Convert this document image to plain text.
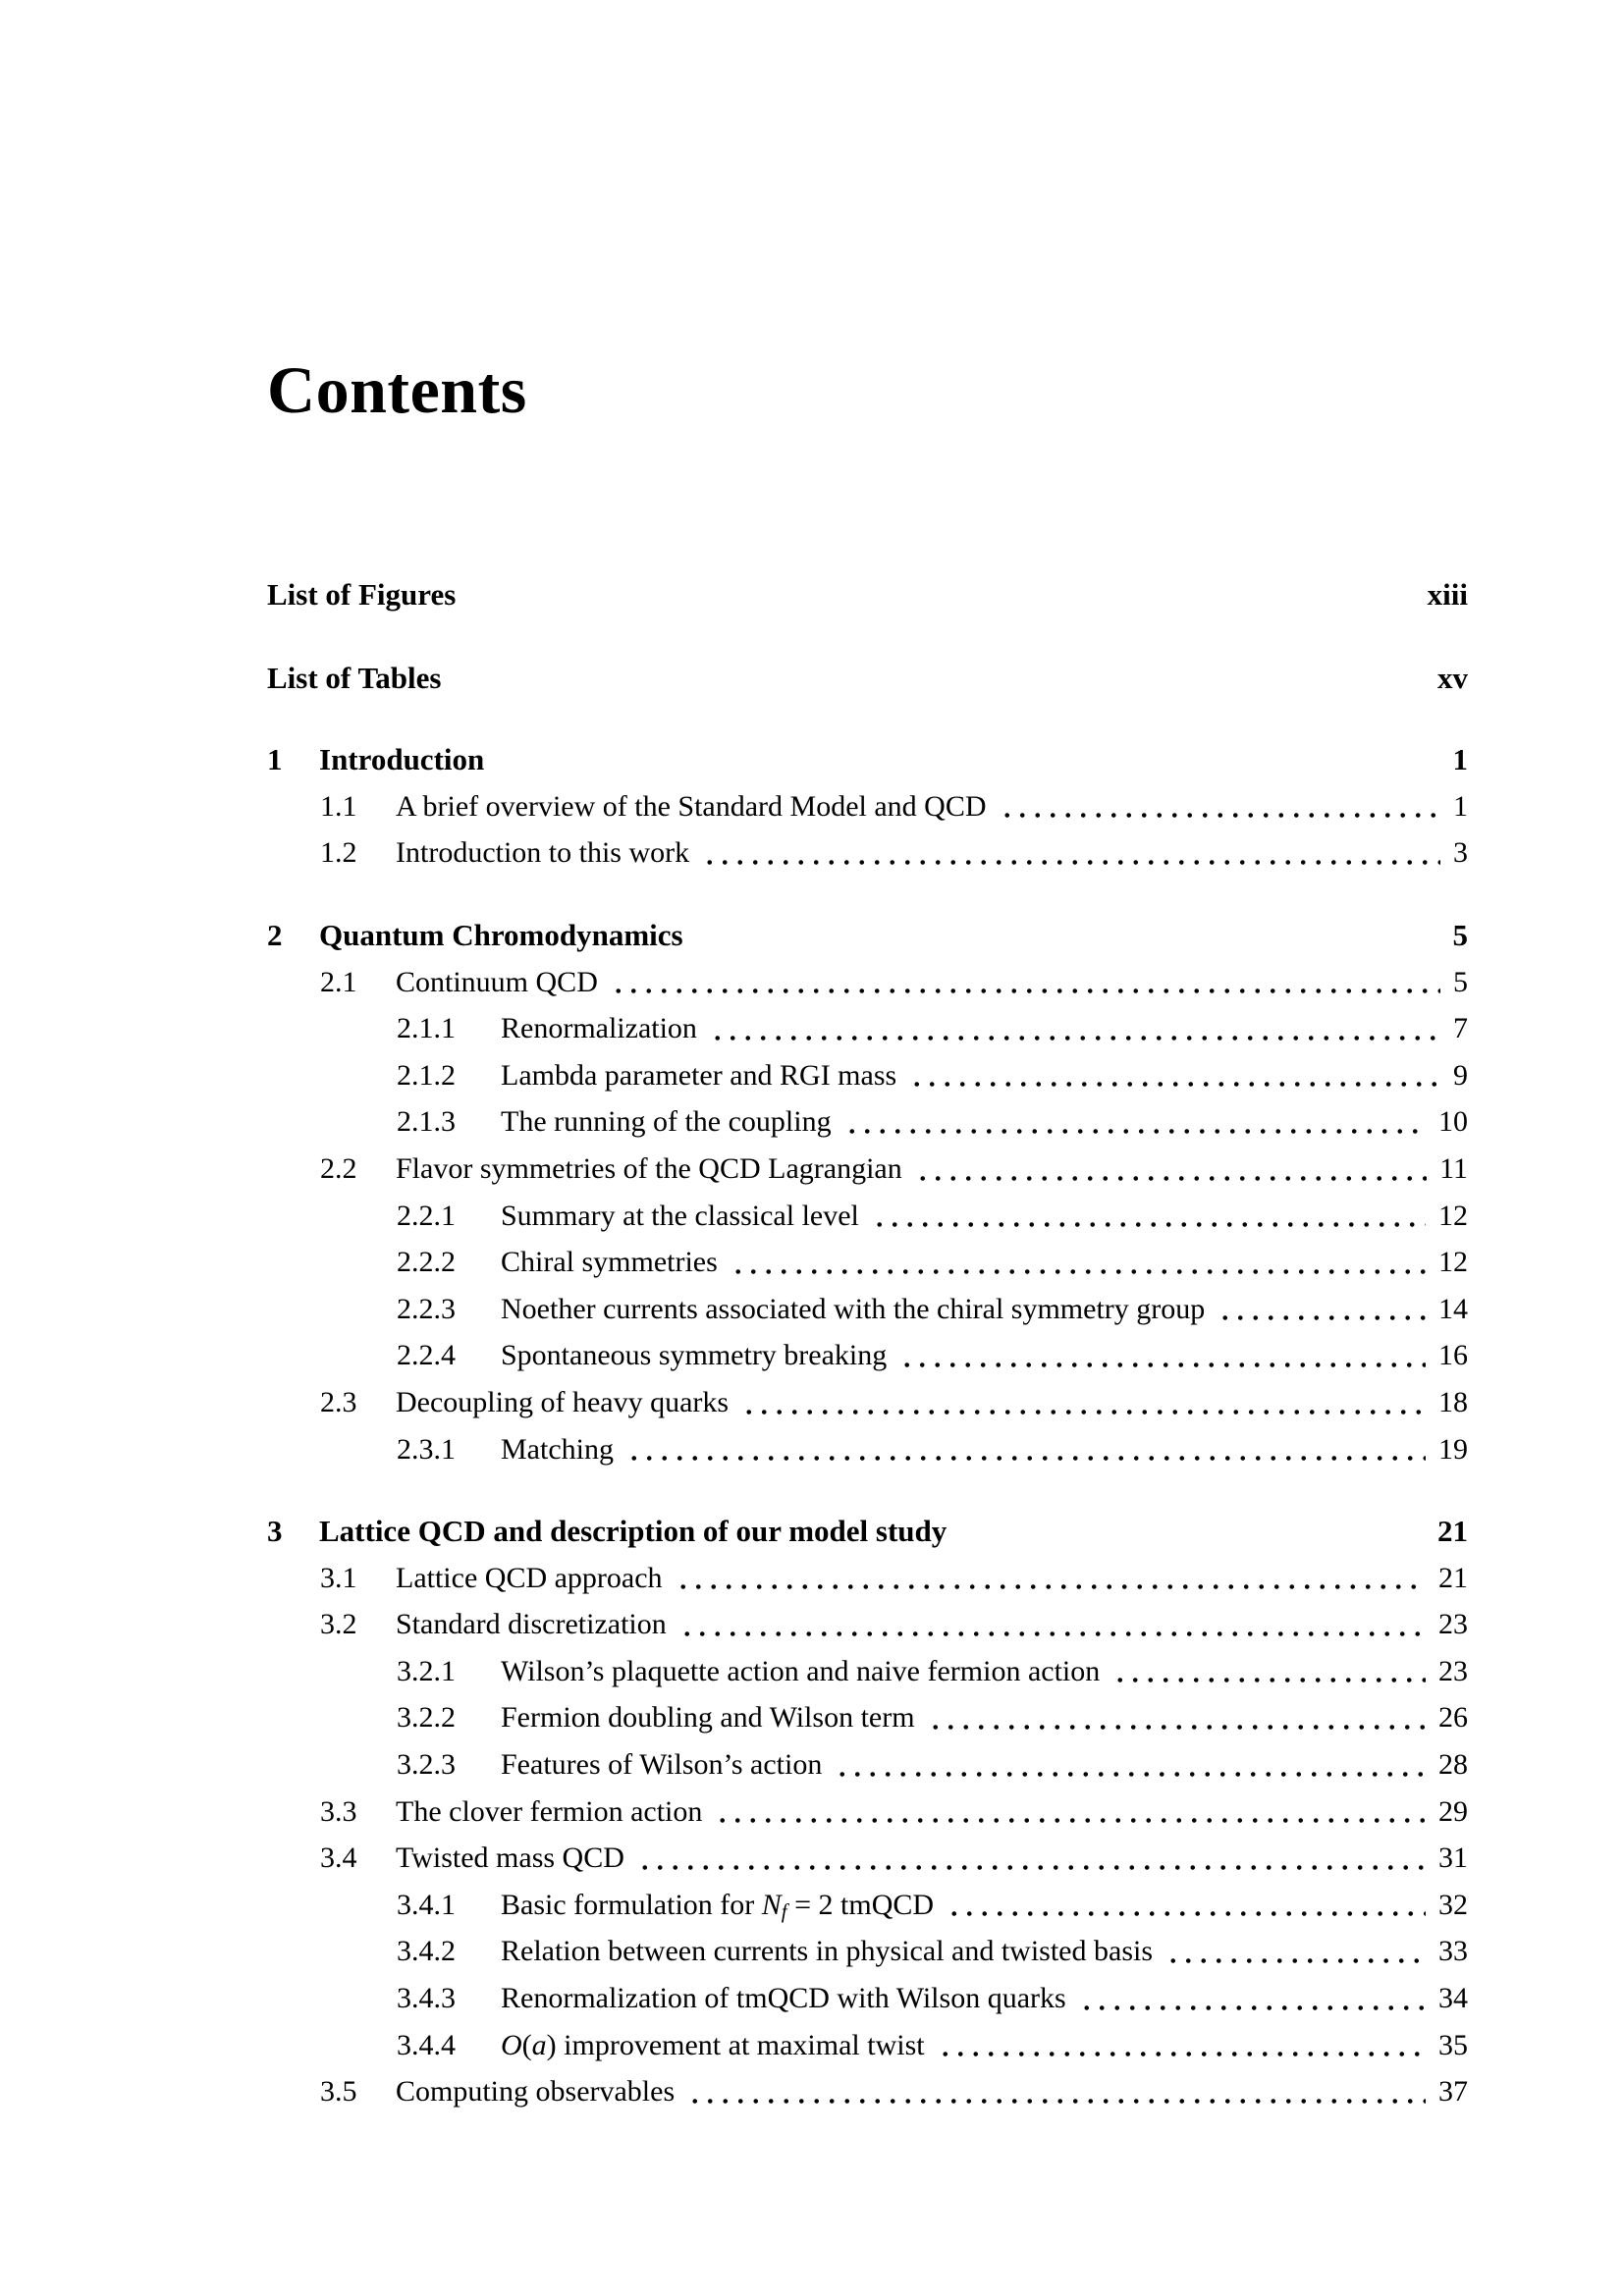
Contents
List of Figures	xiii
List of Tables	xv
1	Introduction	1
1.1	A brief overview of the Standard Model and QCD	1
1.2	Introduction to this work	3
2	Quantum Chromodynamics	5
2.1	Continuum QCD	5
2.1.1	Renormalization	7
2.1.2	Lambda parameter and RGI mass	9
2.1.3	The running of the coupling	10
2.2	Flavor symmetries of the QCD Lagrangian	11
2.2.1	Summary at the classical level	12
2.2.2	Chiral symmetries	12
2.2.3	Noether currents associated with the chiral symmetry group	14
2.2.4	Spontaneous symmetry breaking	16
2.3	Decoupling of heavy quarks	18
2.3.1	Matching	19
3	Lattice QCD and description of our model study	21
3.1	Lattice QCD approach	21
3.2	Standard discretization	23
3.2.1	Wilson’s plaquette action and naive fermion action	23
3.2.2	Fermion doubling and Wilson term	26
3.2.3	Features of Wilson’s action	28
3.3	The clover fermion action	29
3.4	Twisted mass QCD	31
3.4.1	Basic formulation for Nf = 2 tmQCD	32
3.4.2	Relation between currents in physical and twisted basis	33
3.4.3	Renormalization of tmQCD with Wilson quarks	34
3.4.4	O(a) improvement at maximal twist	35
3.5	Computing observables	37
